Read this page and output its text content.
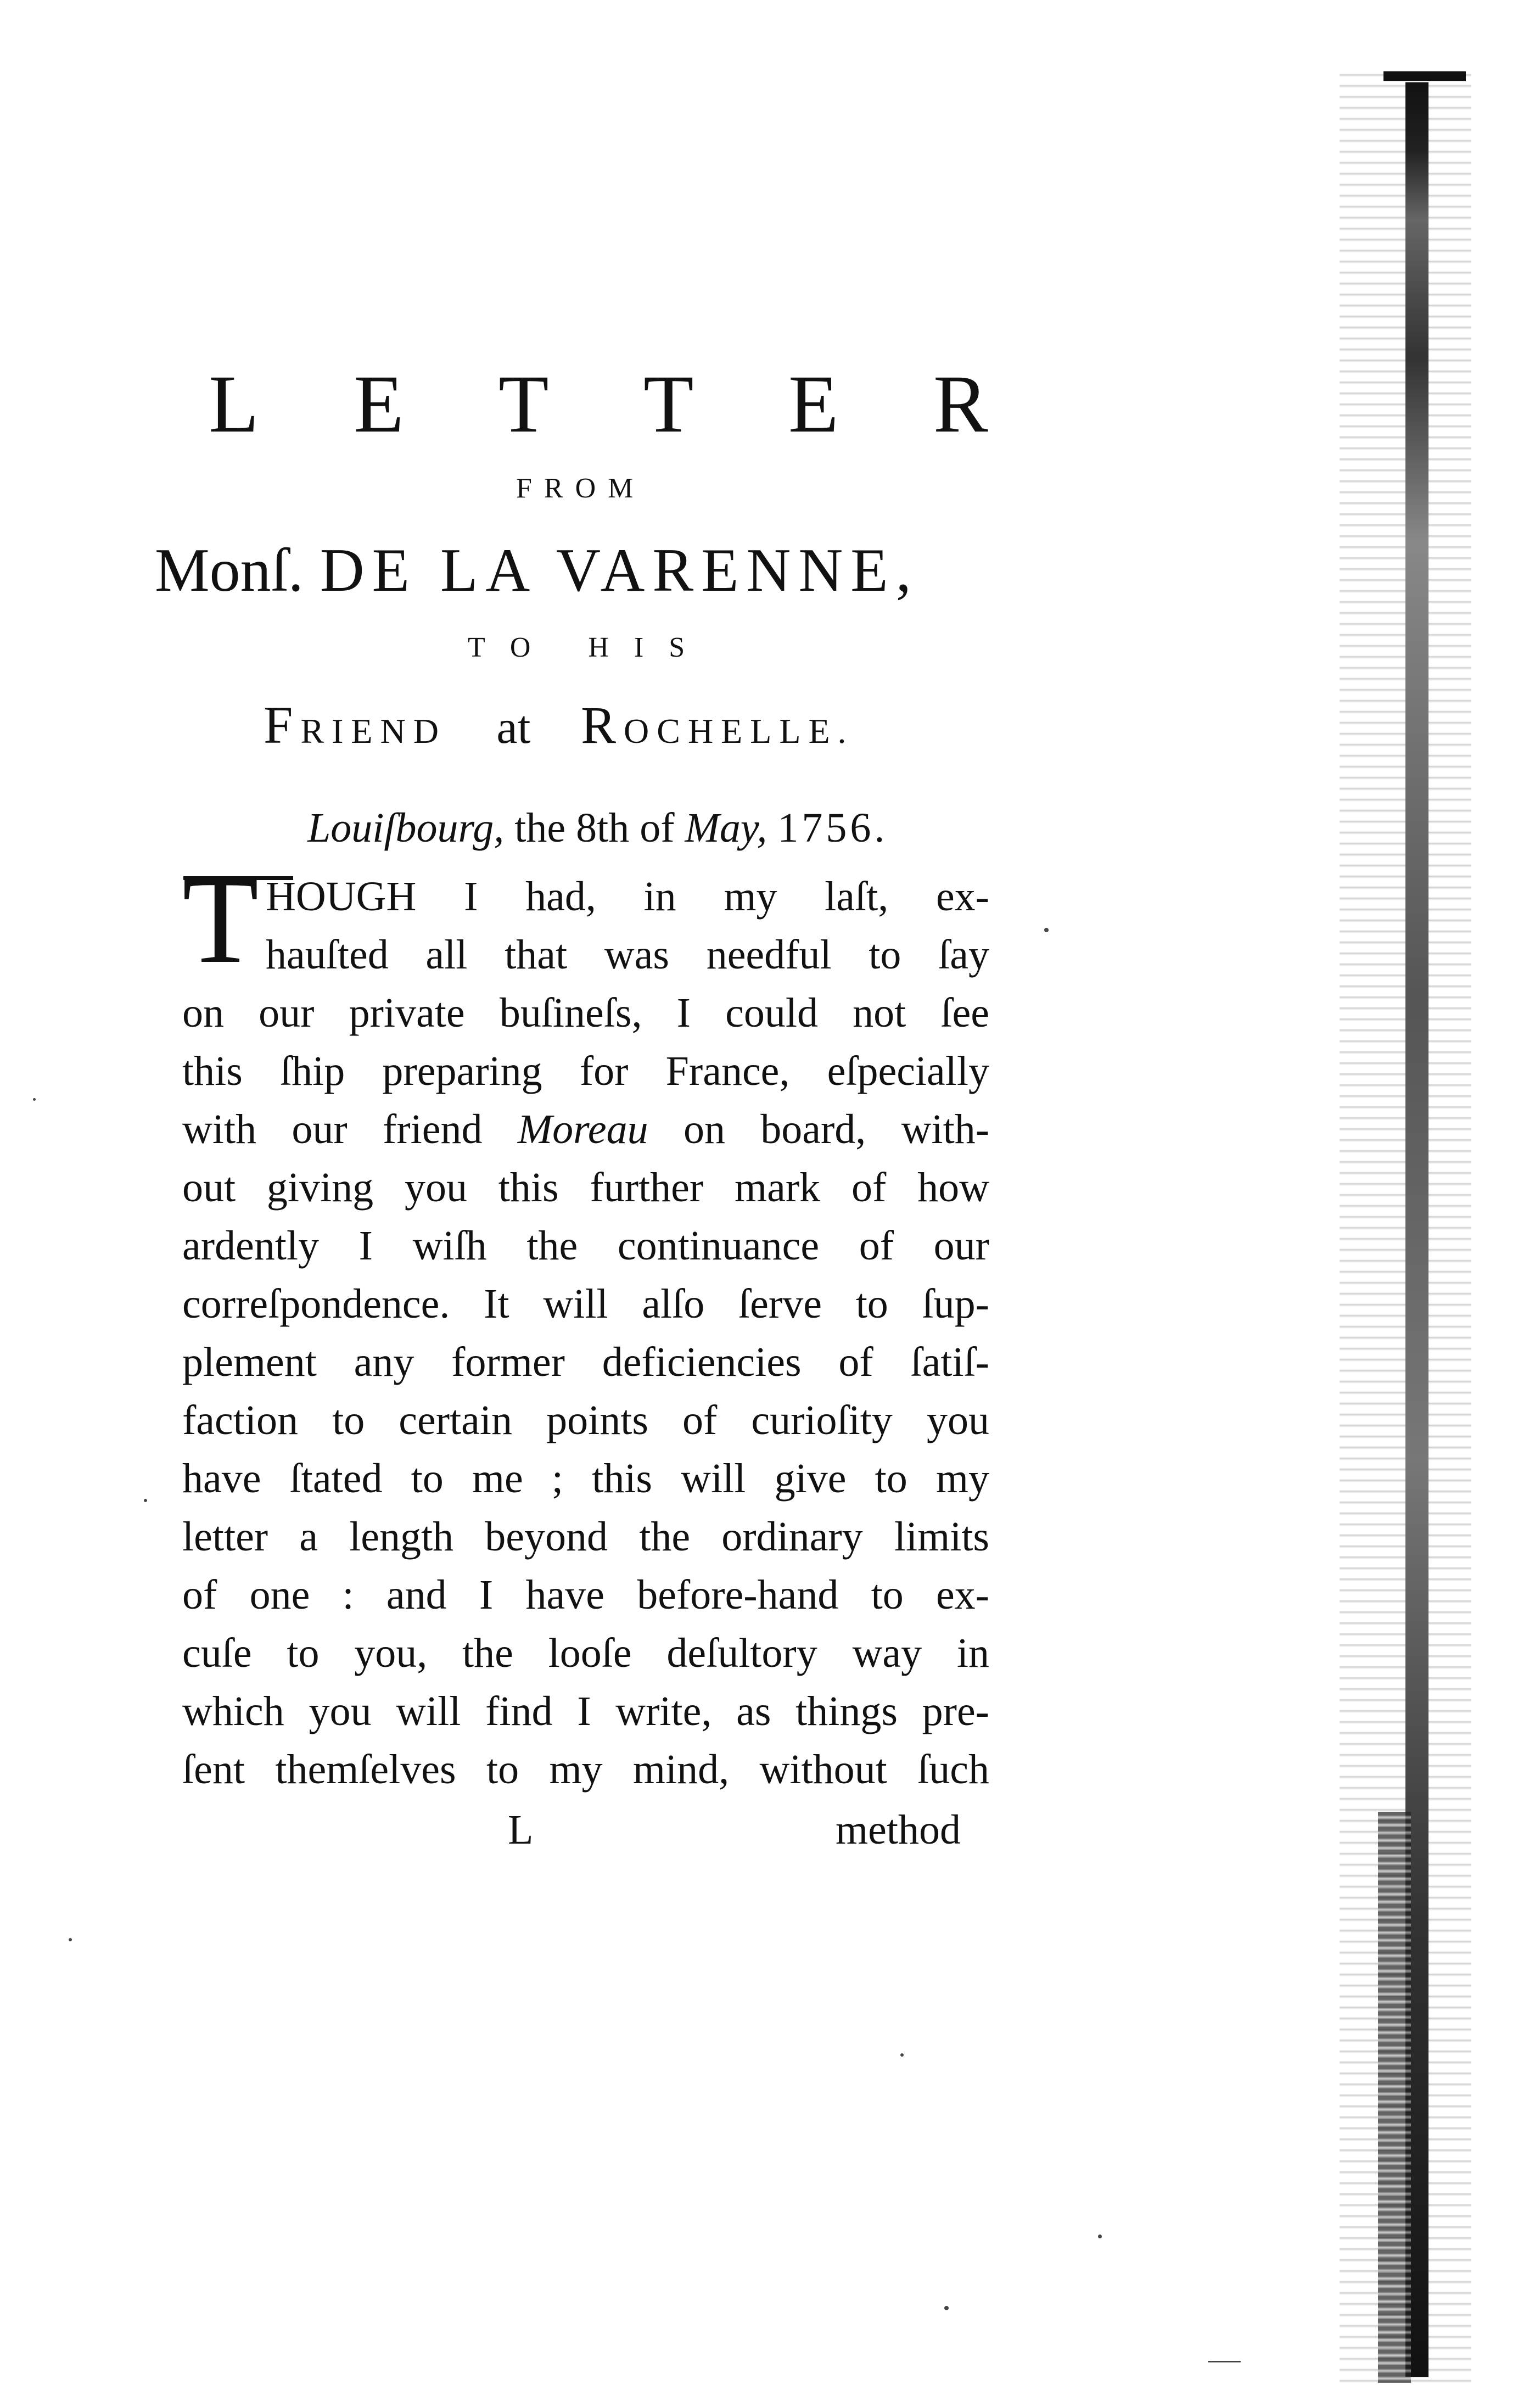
L E T T E R
FROM
Monſ. DE LA VARENNE,
TO HIS
FRIEND at ROCHELLE.
Louiſbourg, the 8th of May, 1756.
T HOUGH I had, in my laſt, ex-
hauſted all that was needful to ſay
on our private buſineſs, I could not ſee
this ſhip preparing for France, eſpecially
with our friend Moreau on board, with-
out giving you this further mark of how
ardently I wiſh the continuance of our
correſpondence. It will alſo ſerve to ſup-
plement any former deficiencies of ſatiſ-
faction to certain points of curioſity you
have ſtated to me ; this will give to my
letter a length beyond the ordinary limits
of one : and I have before-hand to ex-
cuſe to you, the looſe deſultory way in
which you will find I write, as things pre-
ſent themſelves to my mind, without ſuch
L	method
